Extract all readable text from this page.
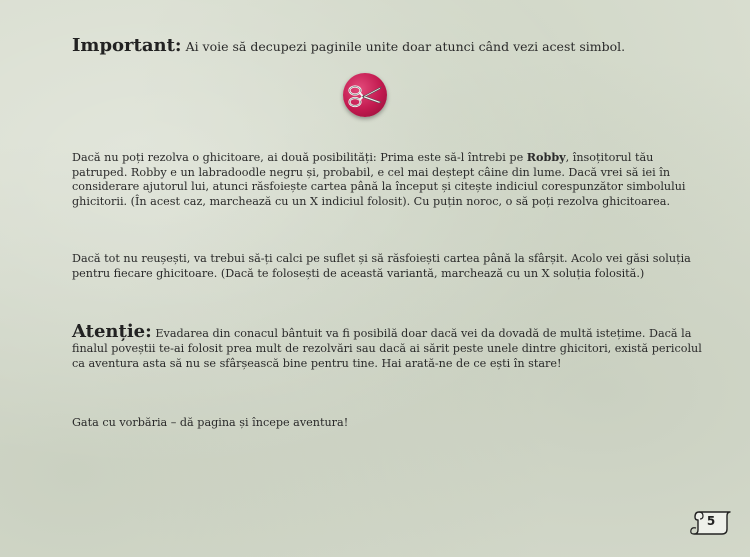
Important: Ai voie să decupezi paginile unite doar atunci când vezi acest simbol.

Dacă nu poți rezolva o ghicitoare, ai două posibilități: Prima este să-l întrebi pe Robby, însoțitorul tău patruped. Robby e un labradoodle negru și, probabil, e cel mai deștept câine din lume. Dacă vrei să iei în considerare ajutorul lui, atunci răsfoiește cartea până la început și citește indiciul corespunzător simbolului ghicitorii. (În acest caz, marchează cu un X indiciul folosit). Cu puțin noroc, o să poți rezolva ghicitoarea.

Dacă tot nu reușești, va trebui să-ți calci pe suflet și să răsfoiești cartea până la sfârșit. Acolo vei găsi soluția pentru fiecare ghicitoare. (Dacă te folosești de această variantă, marchează cu un X soluția folosită.)

Atenție: Evadarea din conacul bântuit va fi posibilă doar dacă vei da dovadă de multă istețime. Dacă la finalul poveștii te-ai folosit prea mult de rezolvări sau dacă ai sărit peste unele dintre ghicitori, există pericolul ca aventura asta să nu se sfârșească bine pentru tine. Hai arată-ne de ce ești în stare!

Gata cu vorbăria – dă pagina și începe aventura!

5
